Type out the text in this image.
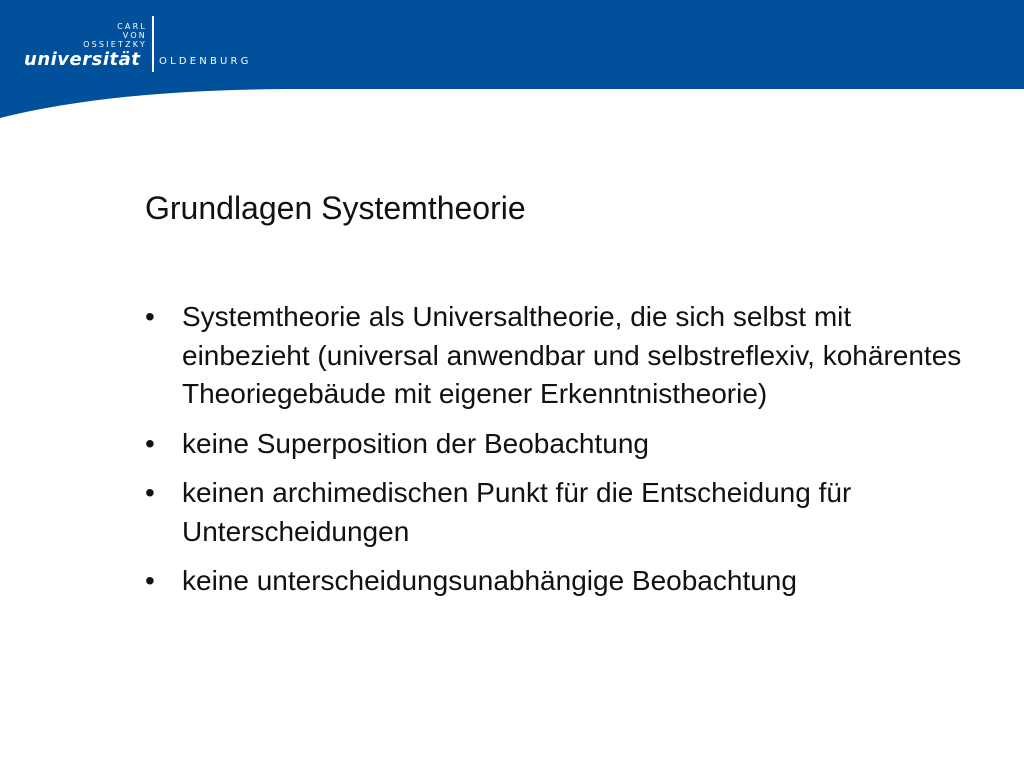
CARL
VON
OSSIETZKY
universität OLDENBURG
Grundlagen Systemtheorie
• Systemtheorie als Universaltheorie, die sich selbst mit einbezieht (universal anwendbar und selbstreflexiv, kohärentes Theoriegebäude mit eigener Erkenntnistheorie)
• keine Superposition der Beobachtung
• keinen archimedischen Punkt für die Entscheidung für Unterscheidungen
• keine unterscheidungsunabhängige Beobachtung
